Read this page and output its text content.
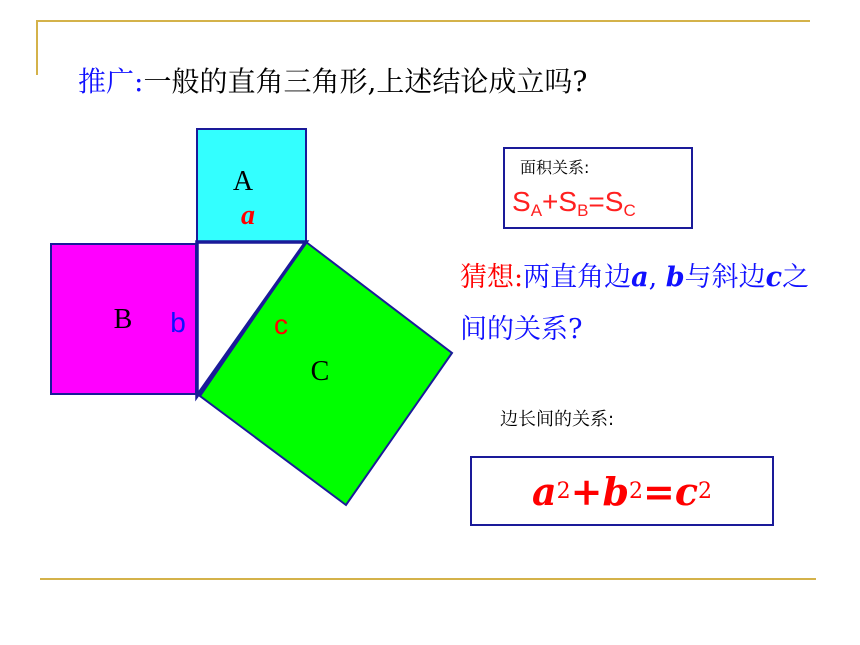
推广:一般的直角三角形,上述结论成立吗?
A
a
B b	c
C
面积关系:
$S_A+S_B=S_C$
猜想:两直角边a, b与斜边c之间的关系?
边长间的关系:
a 2 + b 2 = c 2
